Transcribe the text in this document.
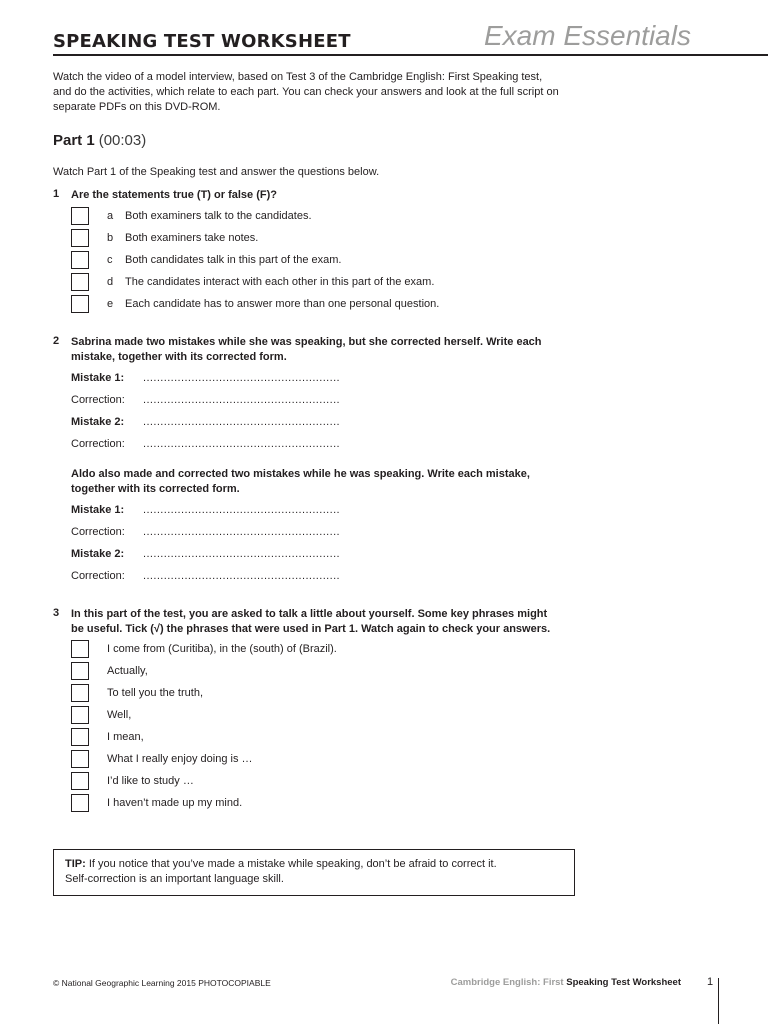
SPEAKING TEST WORKSHEET	Exam Essentials
Watch the video of a model interview, based on Test 3 of the Cambridge English: First Speaking test,
and do the activities, which relate to each part. You can check your answers and look at the full script on
separate PDFs on this DVD-ROM.
Part 1 (00:03)
Watch Part 1 of the Speaking test and answer the questions below.
1 Are the statements true (T) or false (F)?
a Both examiners talk to the candidates.
b Both examiners take notes.
c Both candidates talk in this part of the exam.
d The candidates interact with each other in this part of the exam.
e Each candidate has to answer more than one personal question.
2 Sabrina made two mistakes while she was speaking, but she corrected herself. Write each
mistake, together with its corrected form.
Mistake 1: .........................................................
Correction: .........................................................
Mistake 2: .........................................................
Correction: .........................................................
Aldo also made and corrected two mistakes while he was speaking. Write each mistake,
together with its corrected form.
Mistake 1: .........................................................
Correction: .........................................................
Mistake 2: .........................................................
Correction: .........................................................
3 In this part of the test, you are asked to talk a little about yourself. Some key phrases might
be useful. Tick (√) the phrases that were used in Part 1. Watch again to check your answers.
I come from (Curitiba), in the (south) of (Brazil).
Actually,
To tell you the truth,
Well,
I mean,
What I really enjoy doing is …
I’d like to study …
I haven’t made up my mind.
TIP: If you notice that you’ve made a mistake while speaking, don’t be afraid to correct it.
Self-correction is an important language skill.
© National Geographic Learning 2015 PHOTOCOPIABLE	Cambridge English: First Speaking Test Worksheet 1
